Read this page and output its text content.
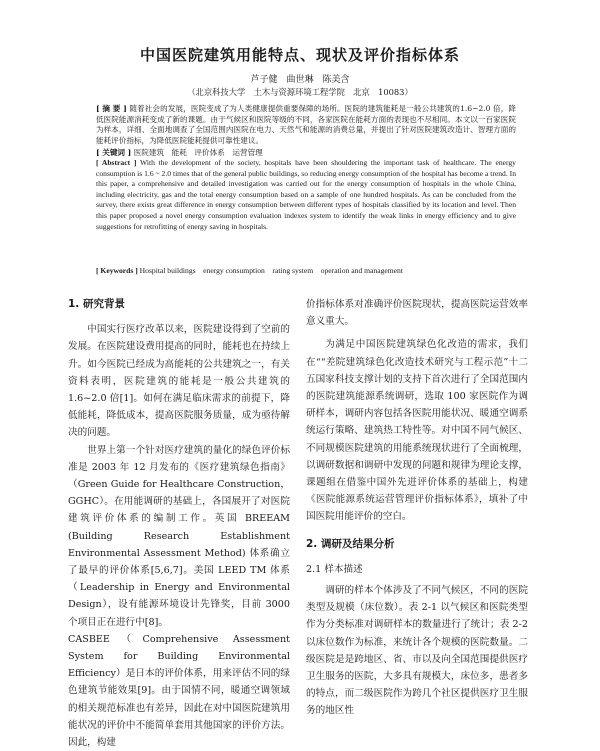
中国医院建筑用能特点、现状及评价指标体系
芦子健　曲世琳　陈美含
（北京科技大学　土木与资源环境工程学院　北京　10083）

[ 摘 要 ] 随着社会的发展，医院变成了为人类健康提供重要保障的场所。医院的建筑能耗是一般公共建筑的1.6~2.0 倍，降低医院能源消耗变成了新的课题。由于气候区和医院等级的不同，各家医院在能耗方面的表现也不尽相同。本文以一百家医院为样本，详细、全面地调查了全国范围内医院在电力、天然气和能源的消费总量，并提出了针对医院建筑改造计、智理方面的能耗评价指标，为降低医院能耗提供可靠性建议。

[ 关键词 ] 医院建筑　能耗　评价体系　运营管理

[ Abstract ] With the development of the society, hospitals have been shouldering the important task of healthcare. The energy consumption is 1.6 ~ 2.0 times that of the general public buildings, so reducing energy consumption of the hospital has become a trend. In this paper, a comprehensive and detailed investigation was carried out for the energy consumption of hospitals in the whole China, including electricity, gas and the total energy consumption based on a sample of one hundred hospitals. As can be concluded from the survey, there exists great difference in energy consumption between different types of hospitals classified by its location and level. Then this paper proposed a novel energy consumption evaluation indexes system to identify the weak links in energy efficiency and to give suggestions for retrofitting of energy saving in hospitals.

[ Keywords ] Hospital buildings　energy consumption　rating system　operation and management
1. 研究背景

中国实行医疗改革以来，医院建设得到了空前的发展。在医院建设费用提高的同时，能耗也在持续上升。如今医院已经成为高能耗的公共建筑之一，有关资料表明，医院建筑的能耗是一般公共建筑的 1.6~2.0 倍[1]。如何在满足临床需求的前提下，降低能耗，降低成本，提高医院服务质量，成为亟待解决的问题。

世界上第一个针对医疗建筑的量化的绿色评价标准是 2003 年 12 月发布的《医疗建筑绿色指南》（Green Guide for Healthcare Construction，GGHC）。在用能调研的基础上，各国展开了对医院建筑评价体系的编制工作。英国 BREEAM (Building Research Establishment Environmental Assessment Method) 体系确立了最早的评价体系[5,6,7]。美国 LEED TM 体系（Leadership in Energy and Environmental Design），设有能源环境设计先锋奖，目前 3000 个项目正在进行中[8]。

CASBEE（Comprehensive Assessment System for Building Environmental Efficiency）是日本的评价体系，用来评估不同的绿色建筑节能效果[9]。由于国情不同，暖通空调领域的相关规范标准也有差异，因此在对中国医院建筑用能状况的评价中不能简单套用其他国家的评价方法。因此，构建

价指标体系对准确评价医院现状，提高医院运营效率意义重大。

为满足中国医院建筑绿色化改造的需求，我们在““差院建筑绿色化改造技术研究与工程示范”十二五国家科技支撑计划的支持下首次进行了全国范围内的医院建筑能源系统调研，选取 100 家医院作为调研样本，调研内容包括各医院用能状况、暖通空调系统运行策略、建筑热工特性等。对中国不同气候区、不同规模医院建筑的用能系统现状进行了全面梳理，以调研数据和调研中发现的问题和规律为理论支撑，课题组在借鉴中国外先进评价体系的基础上，构建《医院能源系统运营管理评价指标体系》，填补了中国医院用能评价的空白。

2. 调研及结果分析
2.1 样本描述

调研的样本个体涉及了不同气候区，不同的医院类型及规模（床位数）。表 2-1 以气候区和医院类型作为分类标准对调研样本的数量进行了统计；表 2-2 以床位数作为标准，来统计各个规模的医院数量。二级医院是是跨地区、省、市以及向全国范围提供医疗卫生服务的医院，大多具有规模大，床位多，患者多的特点，而二级医院作为跨几个社区提供医疗卫生服务的地区性
